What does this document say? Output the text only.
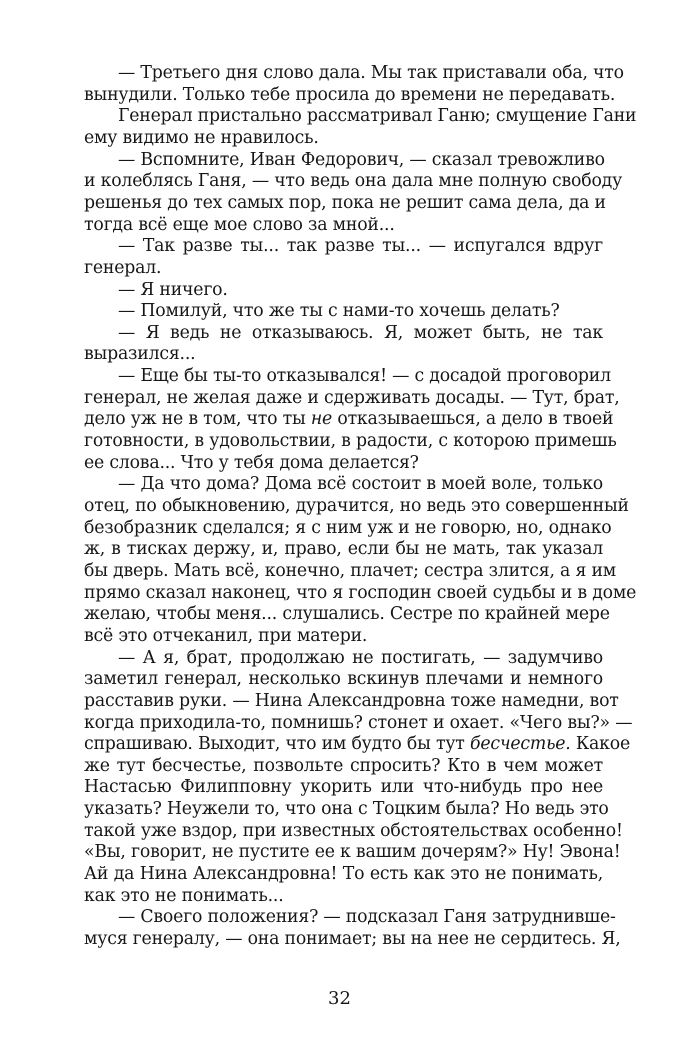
— Третьего дня слово дала. Мы так приставали оба, что
вынудили. Только тебе просила до времени не передавать.
Генерал пристально рассматривал Ганю; смущение Гани
ему видимо не нравилось.
— Вспомните, Иван Федорович, — сказал тревожливо
и колеблясь Ганя, — что ведь она дала мне полную свободу
решенья до тех самых пор, пока не решит сама дела, да и
тогда всё еще мое слово за мной...
— Так разве ты... так разве ты... — испугался вдруг
генерал.
— Я ничего.
— Помилуй, что же ты с нами-то хочешь делать?
— Я ведь не отказываюсь. Я, может быть, не так
выразился...
— Еще бы ты-то отказывался! — с досадой проговорил
генерал, не желая даже и сдерживать досады. — Тут, брат,
дело уж не в том, что ты не отказываешься, а дело в твоей
готовности, в удовольствии, в радости, с которою примешь
ее слова... Что у тебя дома делается?
— Да что дома? Дома всё состоит в моей воле, только
отец, по обыкновению, дурачится, но ведь это совершенный
безобразник сделался; я с ним уж и не говорю, но, однако
ж, в тисках держу, и, право, если бы не мать, так указал
бы дверь. Мать всё, конечно, плачет; сестра злится, а я им
прямо сказал наконец, что я господин своей судьбы и в доме
желаю, чтобы меня... слушались. Сестре по крайней мере
всё это отчеканил, при матери.
— А я, брат, продолжаю не постигать, — задумчиво
заметил генерал, несколько вскинув плечами и немного
расставив руки. — Нина Александровна тоже намедни, вот
когда приходила-то, помнишь? стонет и охает. «Чего вы?» —
спрашиваю. Выходит, что им будто бы тут бесчестье. Какое
же тут бесчестье, позвольте спросить? Кто в чем может
Настасью Филипповну укорить или что-нибудь про нее
указать? Неужели то, что она с Тоцким была? Но ведь это
такой уже вздор, при известных обстоятельствах особенно!
«Вы, говорит, не пустите ее к вашим дочерям?» Ну! Эвона!
Ай да Нина Александровна! То есть как это не понимать,
как это не понимать...
— Своего положения? — подсказал Ганя затруднивше-
муся генералу, — она понимает; вы на нее не сердитесь. Я,
32
